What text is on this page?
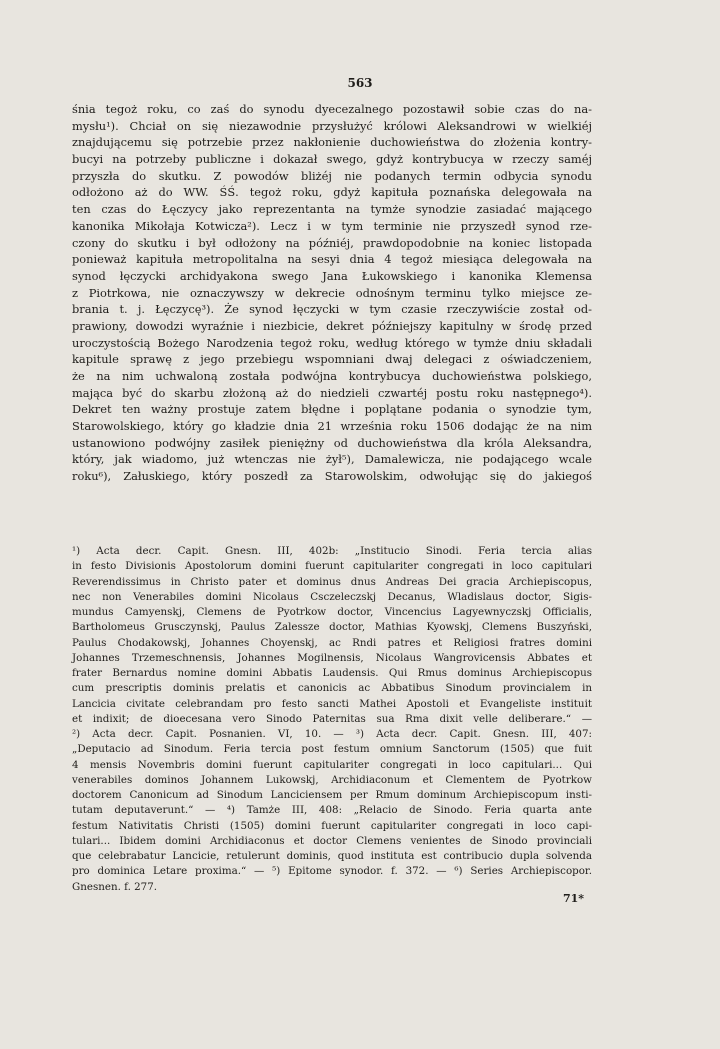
563
śnia tegoż roku, co zaś do synodu dyecezalnego pozostawił sobie czas do na-
mysłu¹). Chciał on się niezawodnie przysłużyć królowi Aleksandrowi w wielkiéj
znajdującemu się potrzebie przez nakłonienie duchowieństwa do złożenia kontry-
bucyi na potrzeby publiczne i dokazał swego, gdyż kontrybucya w rzeczy saméj
przyszła do skutku. Z powodów bliżéj nie podanych termin odbycia synodu
odłożono aż do WW. ŚŚ. tegoż roku, gdyż kapituła poznańska delegowała na
ten czas do Łęczycy jako reprezentanta na tymże synodzie zasiadać mającego
kanonika Mikołaja Kotwicza²). Lecz i w tym terminie nie przyszedł synod rze-
czony do skutku i był odłożony na późniéj, prawdopodobnie na koniec listopada
ponieważ kapituła metropolitalna na sesyi dnia 4 tegoż miesiąca delegowała na
synod łęczycki archidyakona swego Jana Łukowskiego i kanonika Klemensa
z Piotrkowa, nie oznaczywszy w dekrecie odnośnym terminu tylko miejsce ze-
brania t. j. Łęczycę³). Że synod łęczycki w tym czasie rzeczywiście został od-
prawiony, dowodzi wyraźnie i niezbicie, dekret późniejszy kapitulny w środę przed
uroczystością Bożego Narodzenia tegoż roku, według którego w tymże dniu składali
kapitule sprawę z jego przebiegu wspomniani dwaj delegaci z oświadczeniem,
że na nim uchwaloną została podwójna kontrybucya duchowieństwa polskiego,
mająca być do skarbu złożoną aż do niedzieli czwartéj postu roku następnego⁴).
Dekret ten ważny prostuje zatem błędne i poplątane podania o synodzie tym,
Starowolskiego, który go kładzie dnia 21 września roku 1506 dodając że na nim
ustanowiono podwójny zasiłek pieniężny od duchowieństwa dla króla Aleksandra,
który, jak wiadomo, już wtenczas nie żył⁵), Damalewicza, nie podającego wcale
roku⁶), Załuskiego, który poszedł za Starowolskim, odwołując się do jakiegoś
¹) Acta decr. Capit. Gnesn. III, 402b: „Institucio Sinodi. Feria tercia alias
in festo Divisionis Apostolorum domini fuerunt capitulariter congregati in loco capitulari
Reverendissimus in Christo pater et dominus dnus Andreas Dei gracia Archiepiscopus,
nec non Venerabiles domini Nicolaus Csczeleczskj Decanus, Wladislaus doctor, Sigis-
mundus Camyenskj, Clemens de Pyotrkow doctor, Vincencius Lagyewnyczskj Officialis,
Bartholomeus Grusczynskj, Paulus Zalessze doctor, Mathias Kyowskj, Clemens Buszyński,
Paulus Chodakowskj, Johannes Choyenskj, ac Rndi patres et Religiosi fratres domini
Johannes Trzemeschnensis, Johannes Mogilnensis, Nicolaus Wangrovicensis Abbates et
frater Bernardus nomine domini Abbatis Laudensis. Qui Rmus dominus Archiepiscopus
cum prescriptis dominis prelatis et canonicis ac Abbatibus Sinodum provincialem in
Lancicia civitate celebrandam pro festo sancti Mathei Apostoli et Evangeliste instituit
et indixit; de dioecesana vero Sinodo Paternitas sua Rma dixit velle deliberare.“ —
²) Acta decr. Capit. Posnanien. VI, 10. — ³) Acta decr. Capit. Gnesn. III, 407:
„Deputacio ad Sinodum. Feria tercia post festum omnium Sanctorum (1505) que fuit
4 mensis Novembris domini fuerunt capitulariter congregati in loco capitulari... Qui
venerabiles dominos Johannem Lukowskj, Archidiaconum et Clementem de Pyotrkow
doctorem Canonicum ad Sinodum Lanciciensem per Rmum dominum Archiepiscopum insti-
tutam deputaverunt.“ — ⁴) Tamże III, 408: „Relacio de Sinodo. Feria quarta ante
festum Nativitatis Christi (1505) domini fuerunt capitulariter congregati in loco capi-
tulari... Ibidem domini Archidiaconus et doctor Clemens venientes de Sinodo provinciali
que celebrabatur Lancicie, retulerunt dominis, quod instituta est contribucio dupla solvenda
pro dominica Letare proxima.“ — ⁵) Epitome synodor. f. 372. — ⁶) Series Archiepiscopor.
Gnesnen. f. 277.
71*
